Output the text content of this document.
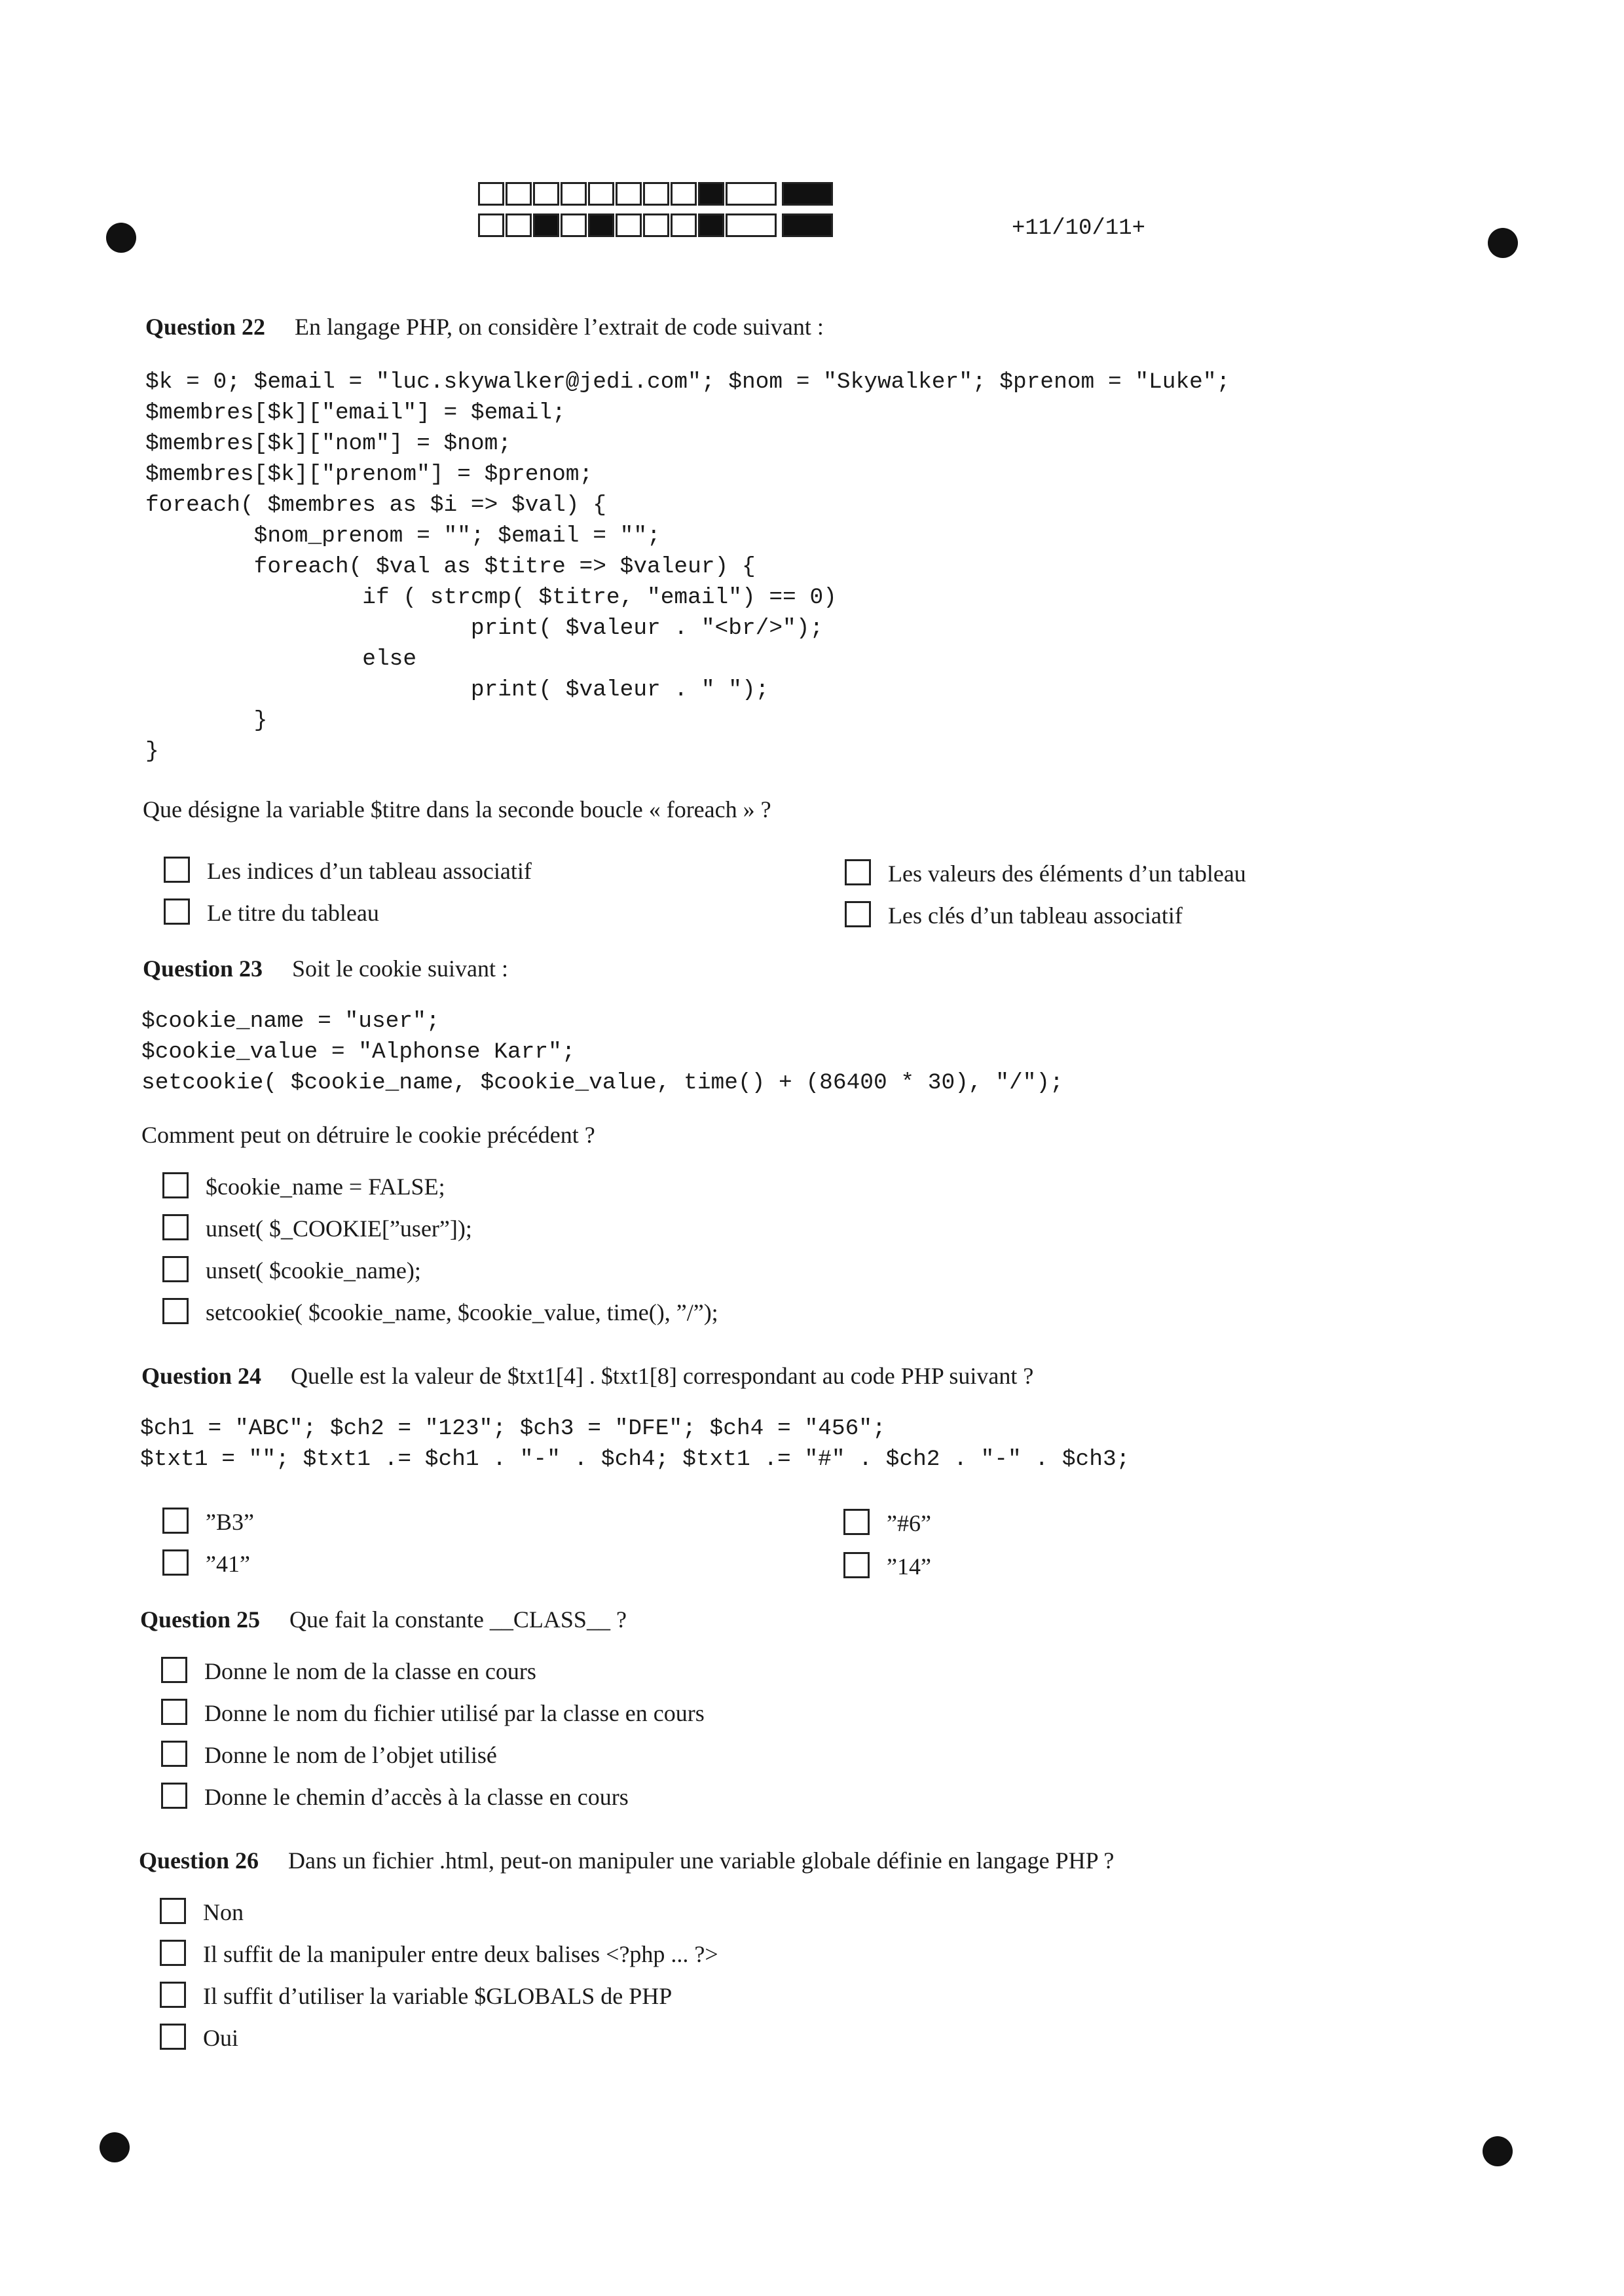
+11/10/11+
Question 22 En langage PHP, on considère l’extrait de code suivant :
$k = 0; $email = "luc.skywalker@jedi.com"; $nom = "Skywalker"; $prenom = "Luke";
$membres[$k]["email"] = $email;
$membres[$k]["nom"] = $nom;
$membres[$k]["prenom"] = $prenom;
foreach( $membres as $i => $val) {
$nom_prenom = ""; $email = "";
foreach( $val as $titre => $valeur) {
if ( strcmp( $titre, "email") == 0)
print( $valeur . "<br/>");
else
print( $valeur . " ");
}
}
Que désigne la variable $titre dans la seconde boucle « foreach » ?
Les indices d’un tableau associatif
Le titre du tableau
Les valeurs des éléments d’un tableau
Les clés d’un tableau associatif
Question 23 Soit le cookie suivant :
$cookie_name = "user";
$cookie_value = "Alphonse Karr";
setcookie( $cookie_name, $cookie_value, time() + (86400 * 30), "/");
Comment peut on détruire le cookie précédent ?
$cookie_name = FALSE;
unset( $_COOKIE[”user”]);
unset( $cookie_name);
setcookie( $cookie_name, $cookie_value, time(), ”/”);
Question 24 Quelle est la valeur de $txt1[4] . $txt1[8] correspondant au code PHP suivant ?
$ch1 = "ABC"; $ch2 = "123"; $ch3 = "DFE"; $ch4 = "456";
$txt1 = ""; $txt1 .= $ch1 . "-" . $ch4; $txt1 .= "#" . $ch2 . "-" . $ch3;
”B3”
”41”
”#6”
”14”
Question 25 Que fait la constante __CLASS__ ?
Donne le nom de la classe en cours
Donne le nom du fichier utilisé par la classe en cours
Donne le nom de l’objet utilisé
Donne le chemin d’accès à la classe en cours
Question 26 Dans un fichier .html, peut-on manipuler une variable globale définie en langage PHP ?
Non
Il suffit de la manipuler entre deux balises <?php ... ?>
Il suffit d’utiliser la variable $GLOBALS de PHP
Oui
